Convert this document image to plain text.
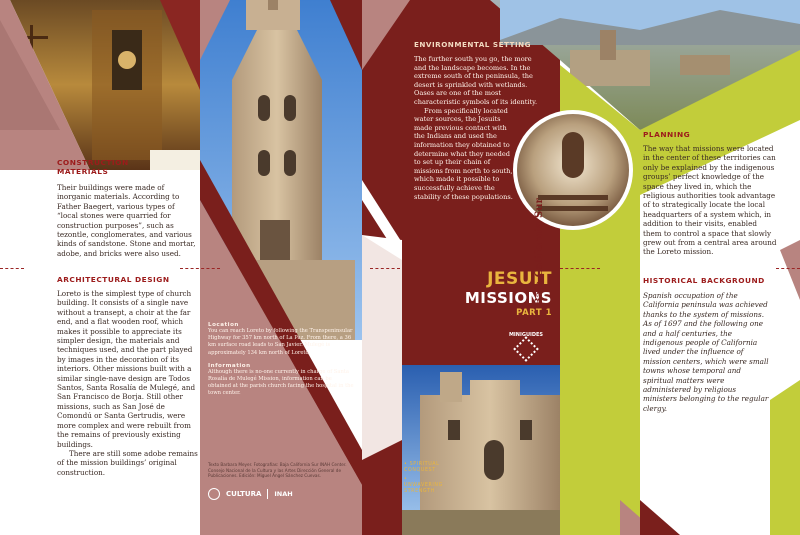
CONSTRUCTION MATERIALS
Their buildings were made of inorganic materials. According to Father Baegert, various types of “local stones were quarried for construction purposes”, such as tezontle, conglomerates, and various kinds of sandstone. Stone and mortar, adobe, and bricks were also used.
ARCHITECTURAL DESIGN
Loreto is the simplest type of church building. It consists of a single nave without a transept, a choir at the far end, and a flat wooden roof, which makes it possible to appreciate its simpler design, the materials and techniques used, and the part played by images in the decoration of its interiors. Other missions built with a similar single-nave design are Todos Santos, Santa Rosalía de Mulegé, and San Francisco de Borja. Still other missions, such as San José de Comondú or Santa Gertrudis, were more complex and were rebuilt from the remains of previously existing buildings.
There are still some adobe remains of the mission buildings’ original construction.
Location
You can reach Loreto by following the Transpeninsular Highway for 357 km north of La Paz. From there, a 36 km surface road leads to San Javier. Mulegé is approximately 134 km north of Loreto.
Information
Although there is no-one currently in charge of Santa Rosalía de Mulegé Mission, information can be obtained at the parish church facing the hospital in the town center.
Texto Barbara Meyer. Fotografías: Baja California Sur INAH Center. Consejo Nacional de la Cultura y las Artes Dirección General de Publicaciones. Edición: Miguel Ángel Sánchez Cuevas.
CULTURA INAH
ENVIRONMENTAL SETTING
The further south you go, the more and the landscape becomes. In the extreme south of the peninsula, the desert is sprinkled with wetlands. Oases are one of the most characteristic symbols of its identity.
From specifically located water sources, the Jesuits made previous contact with the Indians and used the information they obtained to determine what they needed to set up their chain of missions from north to south, which made it possible to successfully achieve the stability of these populations.
JESUIT
MISSIONS
PART 1
MINIGUIDES
Baja California Sur
• SPIRITUAL CONQUEST
• UNWAVERING STRENGTH
PLANNING
The way that missions were located in the center of these territories can only be explained by the indigenous groups’ perfect knowledge of the space they lived in, which the religious authorities took advantage of to strategically locate the local headquarters of a system which, in addition to their visits, enabled them to control a space that slowly grew out from a central area around the Loreto mission.
HISTORICAL BACKGROUND
Spanish occupation of the California peninsula was achieved thanks to the system of missions. As of 1697 and the following one and a half centuries, the indigenous people of California lived under the influence of mission centers, which were small towns whose temporal and spiritual matters were administered by religious ministers belonging to the regular clergy.
